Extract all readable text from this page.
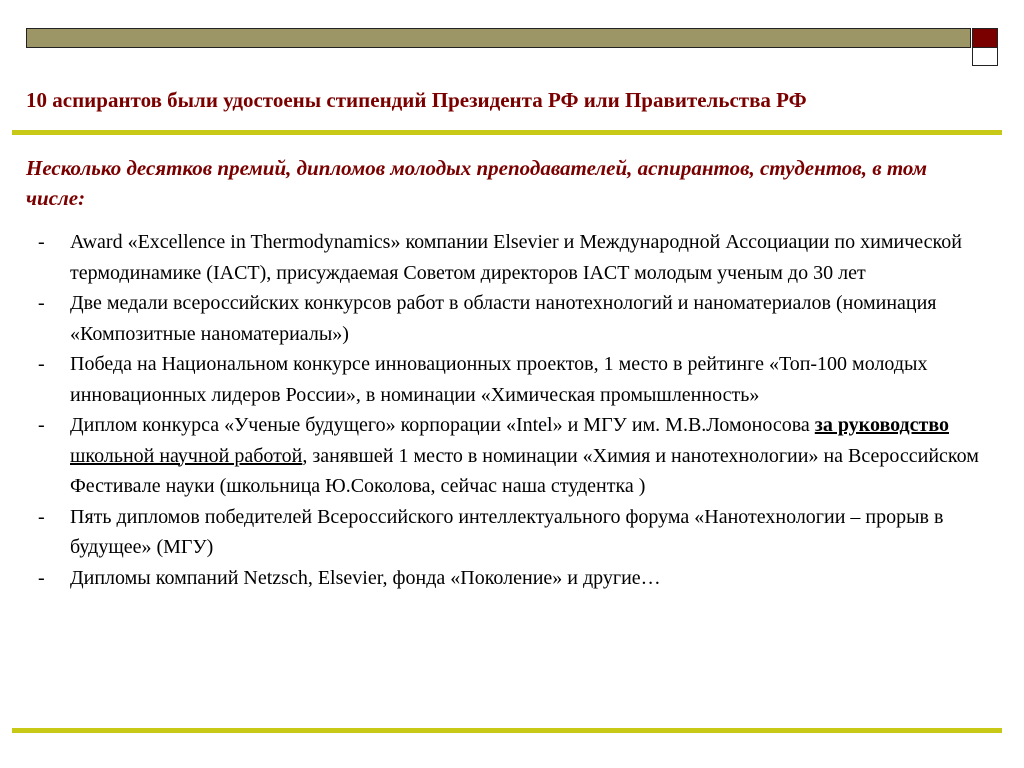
10 аспирантов были удостоены стипендий Президента РФ или Правительства РФ

Несколько десятков премий, дипломов молодых преподавателей, аспирантов, студентов, в том числе:

- Award «Excellence in Thermodynamics» компании Elsevier и Международной Ассоциации по химической термодинамике (IACT), присуждаемая Советом директоров IACT молодым ученым до 30 лет
- Две медали всероссийских конкурсов работ в области нанотехнологий и наноматериалов (номинация «Композитные наноматериалы»)
- Победа на Национальном конкурсе инновационных проектов, 1 место в рейтинге «Топ-100 молодых инновационных лидеров России», в номинации «Химическая промышленность»
- Диплом конкурса «Ученые будущего» корпорации «Intel» и МГУ им. М.В.Ломоносова за руководство школьной научной работой, занявшей 1 место в номинации «Химия и нанотехнологии» на Всероссийском Фестивале науки (школьница Ю.Соколова, сейчас наша студентка )
- Пять дипломов победителей Всероссийского интеллектуального форума «Нанотехнологии – прорыв в будущее» (МГУ)
- Дипломы компаний Netzsch, Elsevier, фонда «Поколение» и другие…
